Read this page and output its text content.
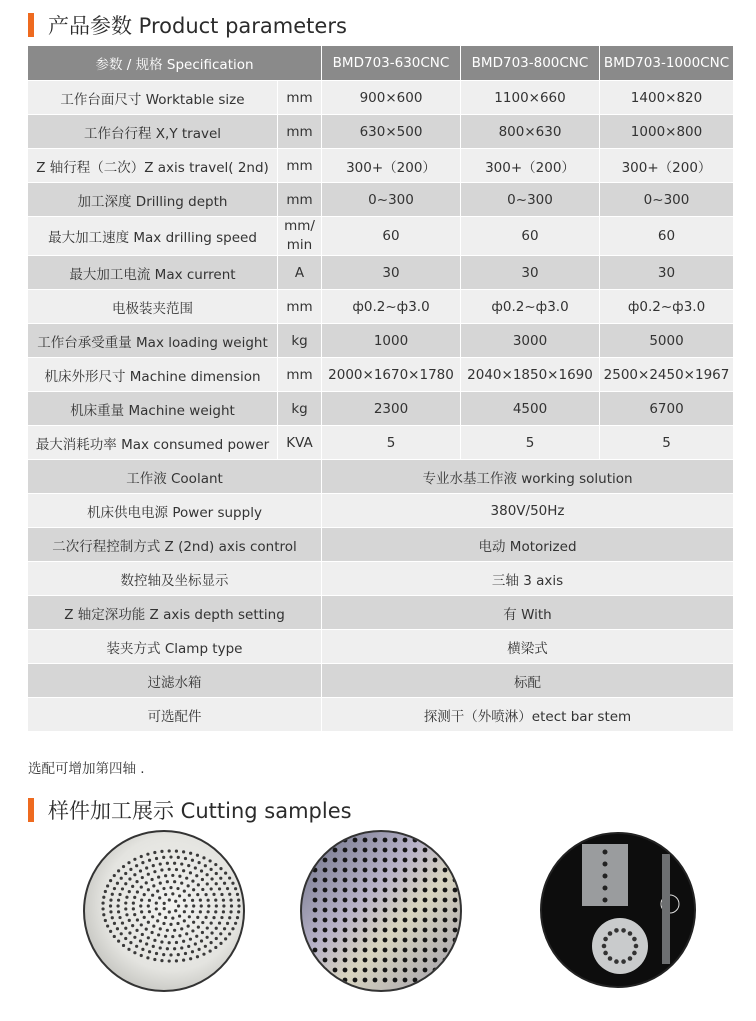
产品参数 Product parameters
参数 / 规格 Specification		BMD703-630CNC	BMD703-800CNC	BMD703-1000CNC
工作台面尺寸 Worktable size	mm	900×600	1100×660	1400×820
工作台行程 X,Y travel	mm	630×500	800×630	1000×800
Z 轴行程（二次）Z axis travel( 2nd)	mm	300+（200）	300+（200）	300+（200）
加工深度 Drilling depth	mm	0~300	0~300	0~300
最大加工速度 Max drilling speed	mm/ min	60	60	60
最大加工电流 Max current	A	30	30	30
电极装夹范围	mm	ф0.2~ф3.0	ф0.2~ф3.0	ф0.2~ф3.0
工作台承受重量 Max loading weight	kg	1000	3000	5000
机床外形尺寸 Machine dimension	mm	2000×1670×1780	2040×1850×1690	2500×2450×1967
机床重量 Machine weight	kg	2300	4500	6700
最大消耗功率 Max consumed power	KVA	5	5	5
工作液 Coolant		专业水基工作液 working solution		
机床供电电源 Power supply		380V/50Hz		
二次行程控制方式 Z (2nd) axis control		电动 Motorized		
数控轴及坐标显示		三轴 3 axis		
Z 轴定深功能 Z axis depth setting		有 With		
装夹方式 Clamp type		横梁式		
过滤水箱		标配		
可选配件		探测干（外喷淋）etect bar stem		
选配可增加第四轴 .
样件加工展示 Cutting samples
